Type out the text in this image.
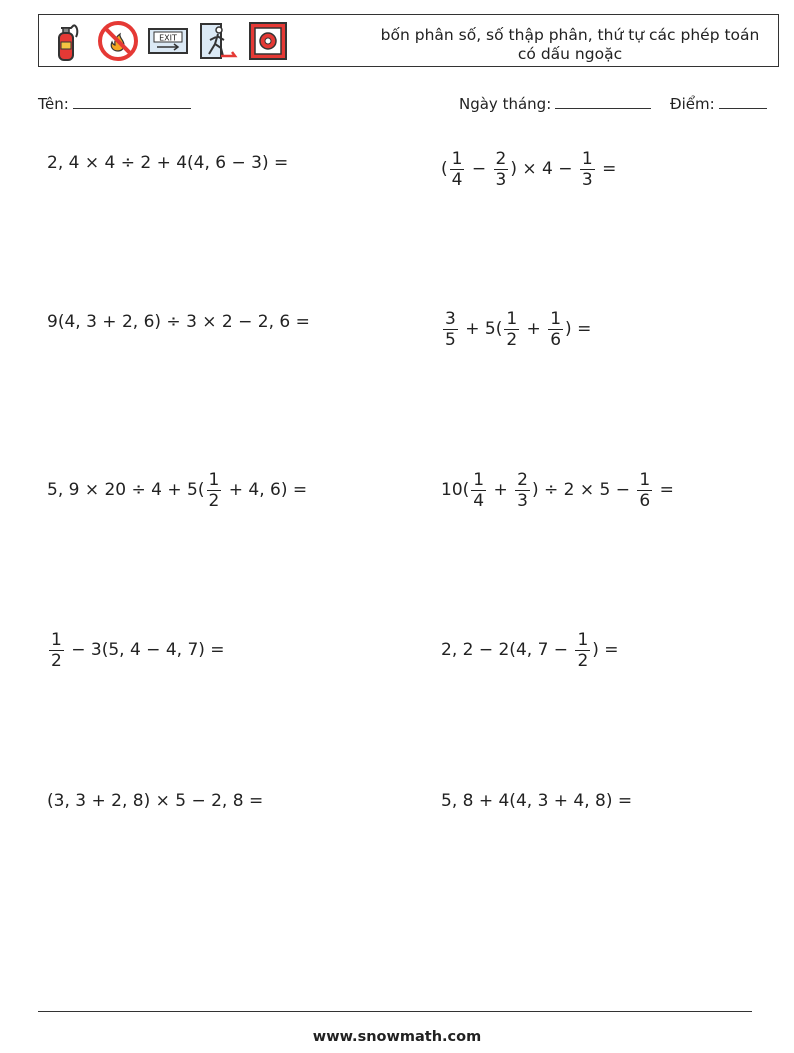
EXIT	bốn phân số, số thập phân, thứ tự các phép toán có dấu ngoặc
Tên:	Ngày tháng:	Điểm:
2, 4 × 4 ÷ 2 + 4(4, 6 − 3) =	( $\frac{1}{4} - \frac{2}{3}$ ) × $4 - \frac{1}{3}$ =
9(4, 3 + 2, 6) ÷ 3 × 2 − 2, 6 =	$\frac{3}{5} + 5( \frac{1}{2} + \frac{1}{6}$ ) =
5, $9 \times 20 \div 4 + 5( \frac{1}{2} + 4$, 6) =	$10( \frac{1}{4} + \frac{2}{3}$ ) ÷ $2 \times 5 - \frac{1}{6}$ =
$\frac{1}{2} - 3(5$, 4 − 4, 7) =	2, 2 − 2(4, $7 - \frac{1}{2}$ ) =
(3, 3 + 2, 8) × 5 − 2, 8 =	5, 8 + 4(4, 3 + 4, 8) =
www.snowmath.com
